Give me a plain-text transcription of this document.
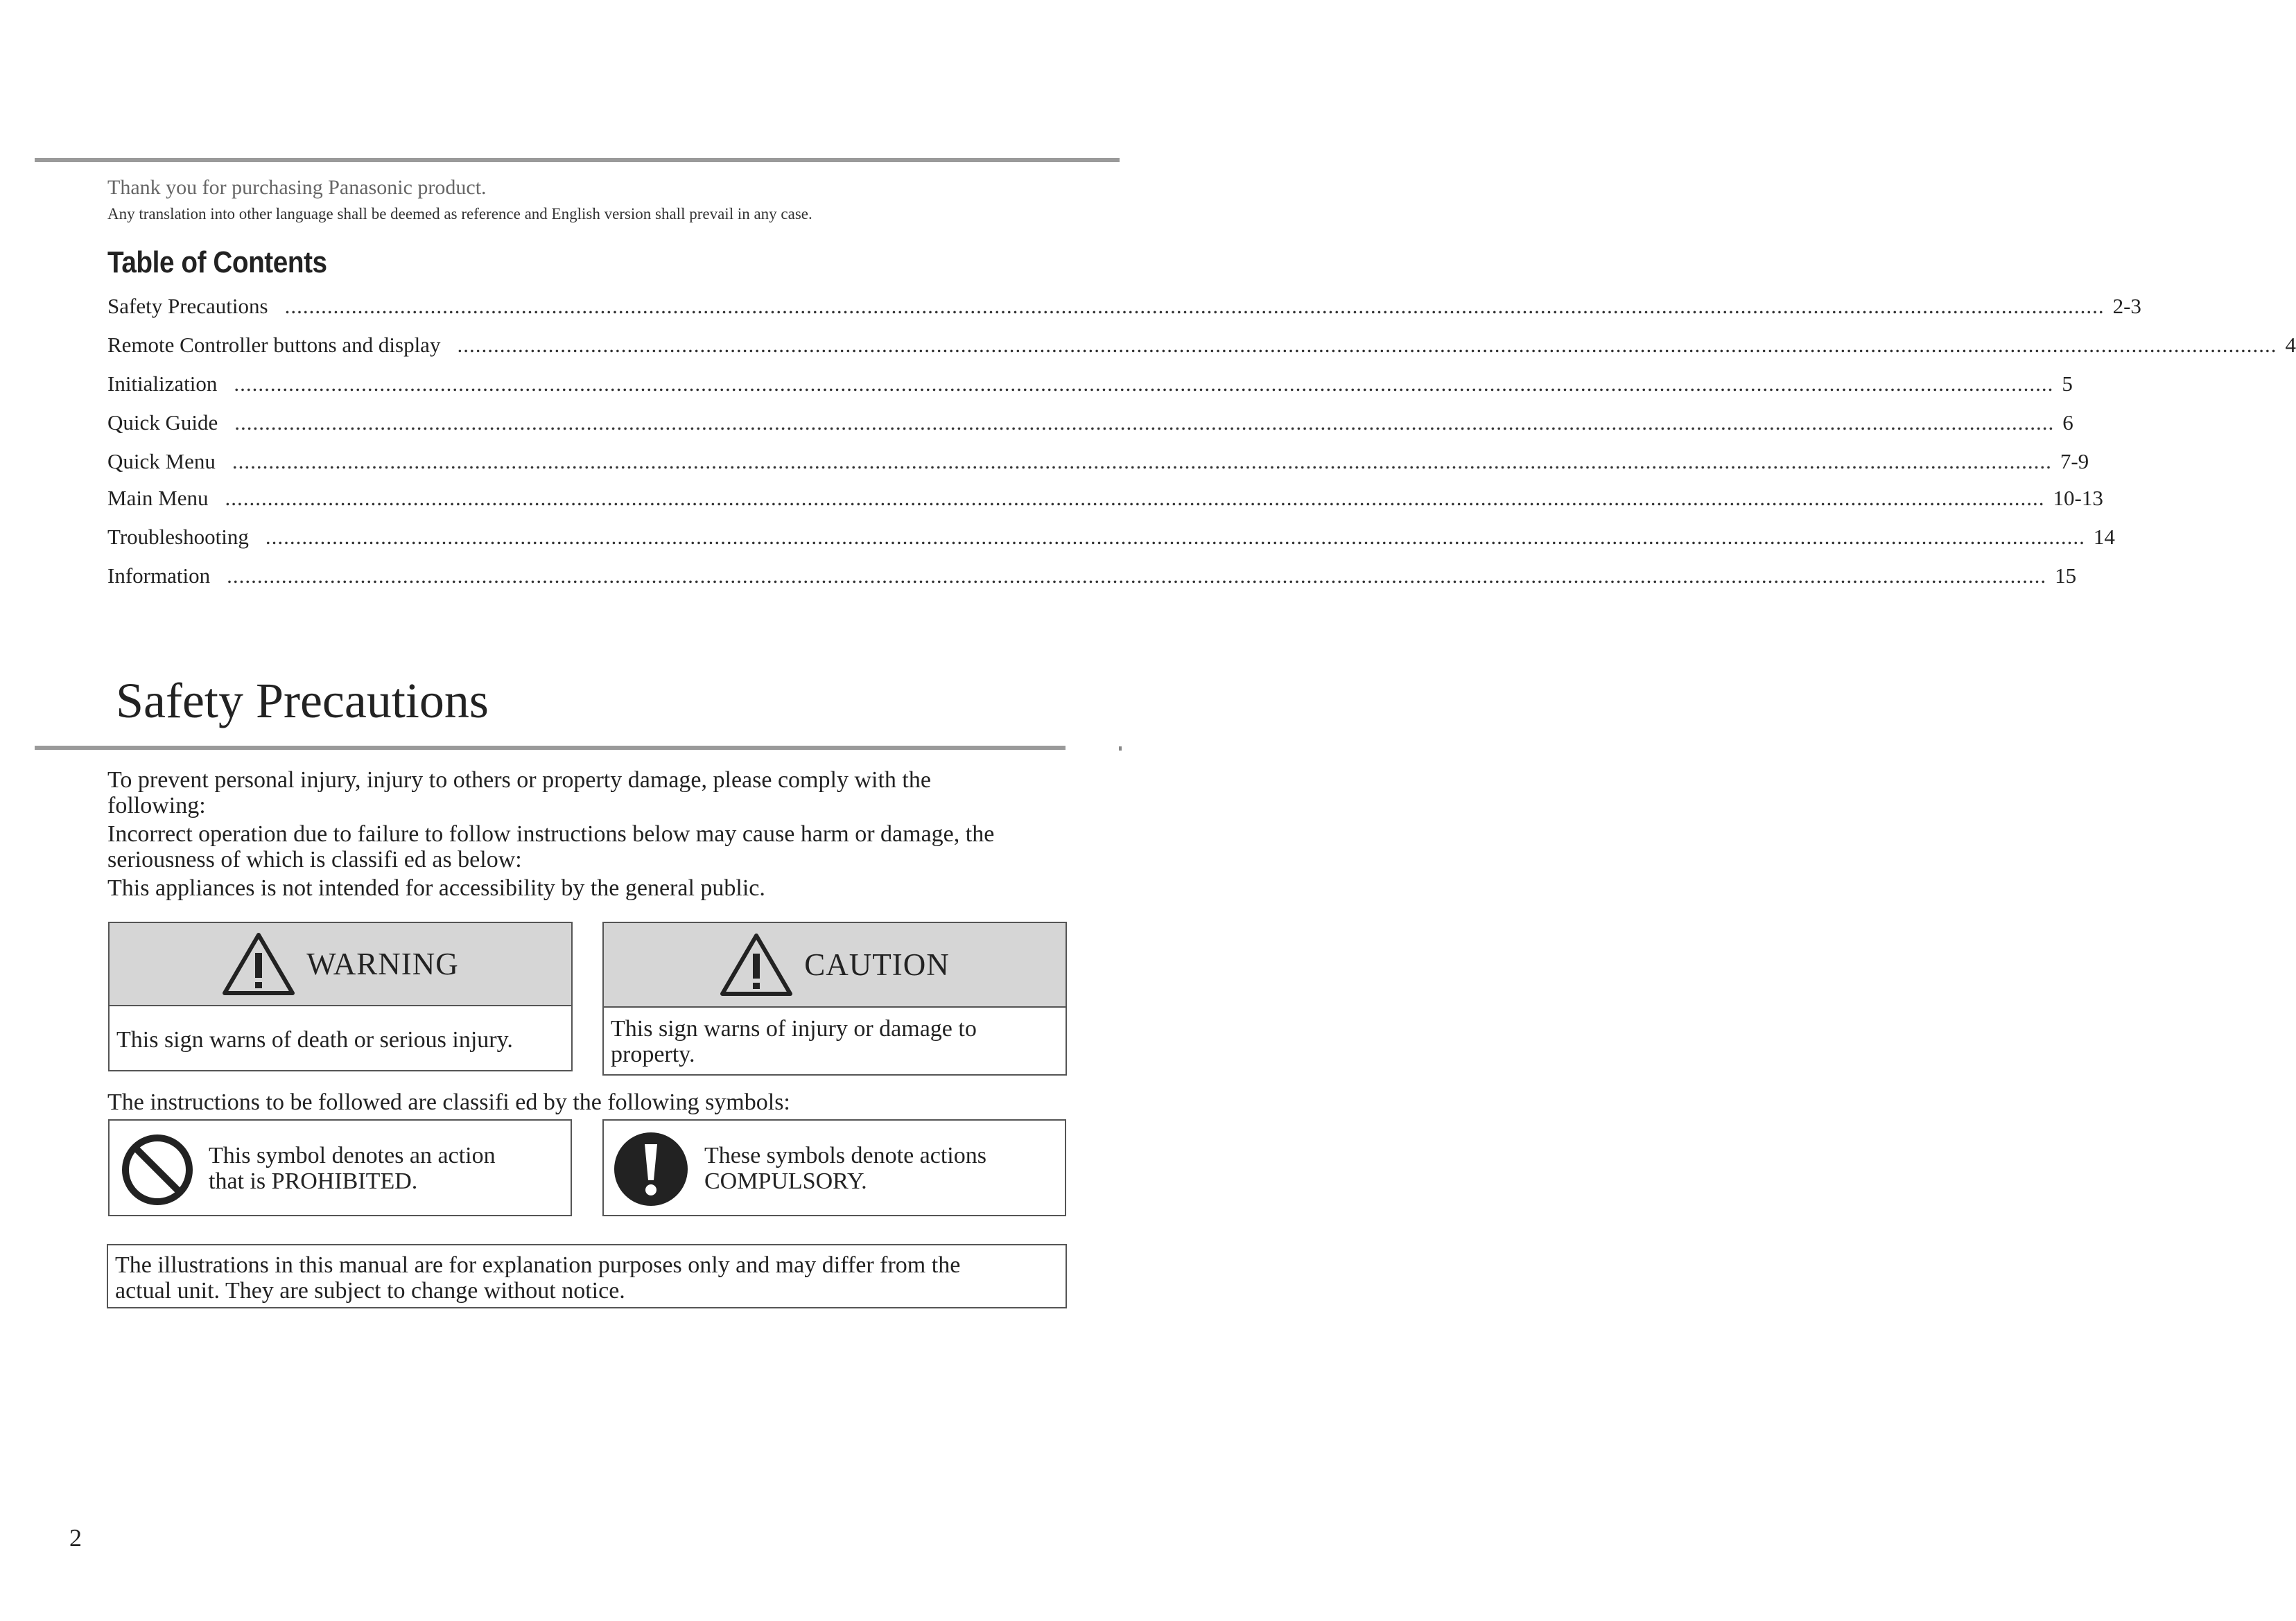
Thank you for purchasing Panasonic product.
Any translation into other language shall be deemed as reference and English version shall prevail in any case.
Table of Contents
Safety Precautions ............................................................................................................................................................................................................................................................................................................ 2-3
Remote Controller buttons and display ............................................................................................................................................................................................................................................................................................................ 4
Initialization ............................................................................................................................................................................................................................................................................................................ 5
Quick Guide ............................................................................................................................................................................................................................................................................................................ 6
Quick Menu ............................................................................................................................................................................................................................................................................................................ 7-9
Main Menu ............................................................................................................................................................................................................................................................................................................ 10-13
Troubleshooting ............................................................................................................................................................................................................................................................................................................ 14
Information ............................................................................................................................................................................................................................................................................................................ 15
Safety Precautions
To prevent personal injury, injury to others or property damage, please comply with the following:
Incorrect operation due to failure to follow instructions below may cause harm or damage, the seriousness of which is classifi ed as below:
This appliances is not intended for accessibility by the general public.
WARNING
This sign warns of death or serious injury.
CAUTION
This sign warns of injury or damage to property.
The instructions to be followed are classifi ed by the following symbols:
This symbol denotes an action
that is PROHIBITED.
These symbols denote actions
COMPULSORY.
The illustrations in this manual are for explanation purposes only and may differ from the actual unit. They are subject to change without notice.
2
